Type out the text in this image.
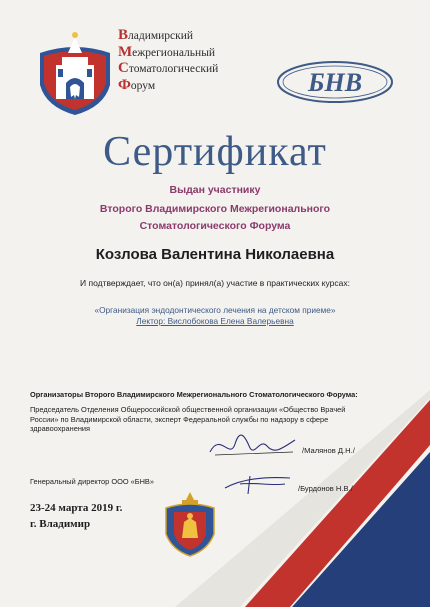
Владимирский
Межрегиональный
Стоматологический
Форум	БНВ
Сертификат
Выдан участнику
Второго Владимирского Межрегионального
Стоматологического Форума
Козлова Валентина Николаевна
И подтверждает, что он(а) принял(а) участие в практических курсах:
«Организация эндодонтического лечения на детском приеме»
Лектор: Вислобокова Елена Валерьевна
Организаторы Второго Владимирского Межрегионального Стоматологического Форума:
Председатель Отделения Общероссийской общественной организации «Общество Врачей
России» по Владимирской области, эксперт Федеральной службы по надзору в сфере
здравоохранения
/Малянов Д.Н./
Генеральный директор ООО «БНВ»
/Бурдонов Н.В./
23-24 марта 2019 г.
г. Владимир
